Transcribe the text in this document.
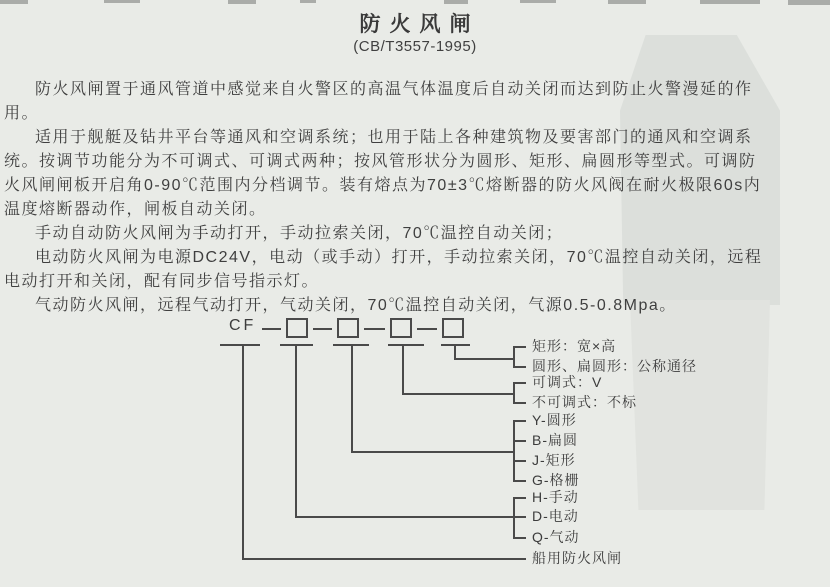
防火风闸
(CB/T3557-1995)
防火风闸置于通风管道中感觉来自火警区的高温气体温度后自动关闭而达到防止火警漫延的作
用。
适用于舰艇及钻井平台等通风和空调系统；也用于陆上各种建筑物及要害部门的通风和空调系
统。按调节功能分为不可调式、可调式两种；按风管形状分为圆形、矩形、扁圆形等型式。可调防
火风闸闸板开启角0-90℃范围内分档调节。装有熔点为70±3℃熔断器的防火风阀在耐火极限60s内
温度熔断器动作，闸板自动关闭。
手动自动防火风闸为手动打开，手动拉索关闭，70℃温控自动关闭；
电动防火风闸为电源DC24V，电动（或手动）打开，手动拉索关闭，70℃温控自动关闭，远程
电动打开和关闭，配有同步信号指示灯。
气动防火风闸，远程气动打开，气动关闭，70℃温控自动关闭，气源0.5-0.8Mpa。
CF
矩形：宽×高
圆形、扁圆形：公称通径
可调式：V
不可调式：不标
Y-圆形
B-扁圆
J-矩形
G-格栅
H-手动
D-电动
Q-气动
船用防火风闸
